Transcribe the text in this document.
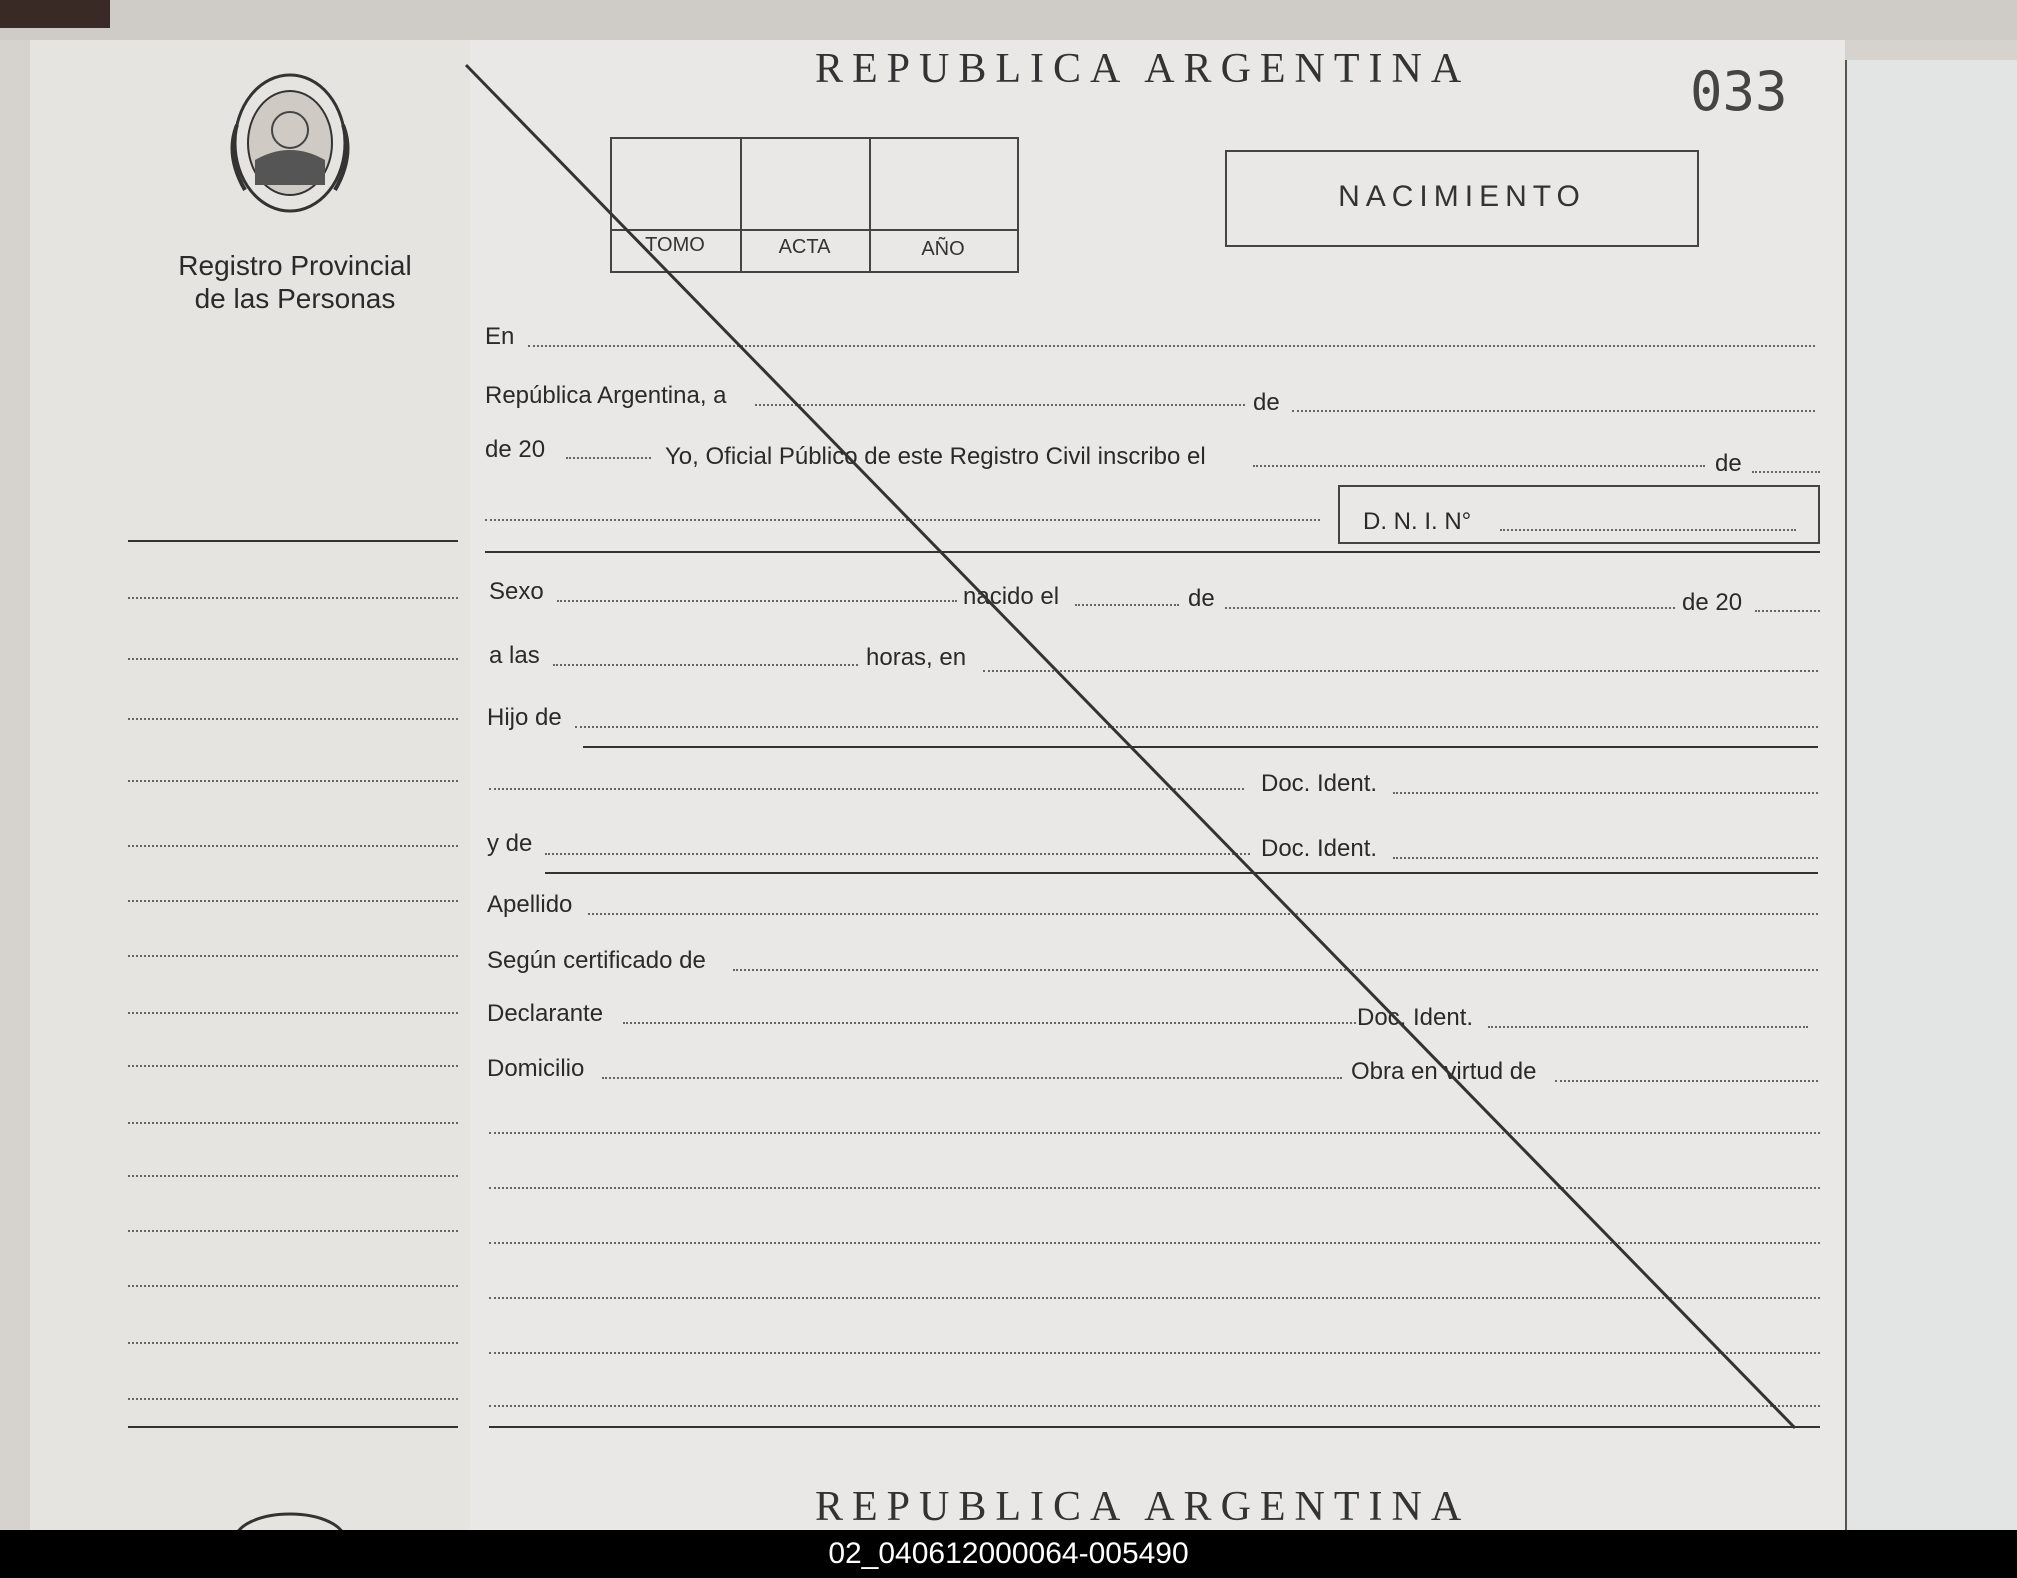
Registro Provincial
de las Personas
REPUBLICA ARGENTINA	033
TOMO	ACTA	AÑO
NACIMIENTO
En
República Argentina, a	de
de 20	Yo, Oficial Público de este Registro Civil inscribo el	de
D. N. I. N°
Sexo	nacido el	de	de 20
a las	horas, en
Hijo de
Doc. Ident.
y de	Doc. Ident.
Apellido
Según certificado de
Declarante	Doc. Ident.
Domicilio	Obra en virtud de
REPUBLICA ARGENTINA
02_040612000064-005490
